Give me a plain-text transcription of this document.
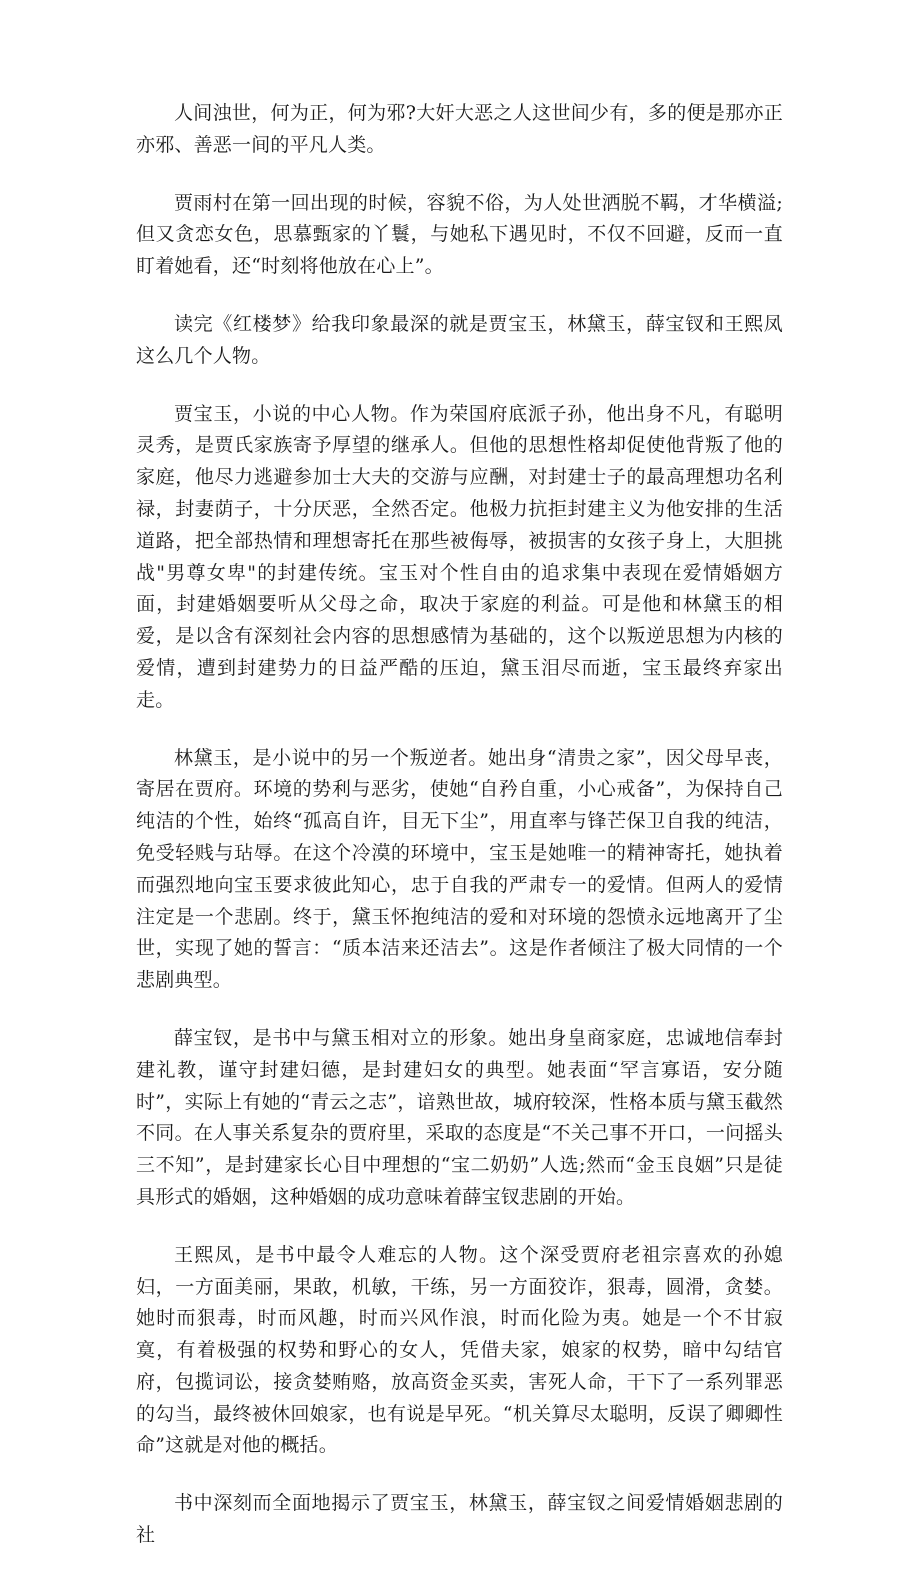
人间浊世，何为正，何为邪?大奸大恶之人这世间少有，多的便是那亦正亦邪、善恶一间的平凡人类。

贾雨村在第一回出现的时候，容貌不俗，为人处世洒脱不羁，才华横溢;但又贪恋女色，思慕甄家的丫鬟，与她私下遇见时，不仅不回避，反而一直盯着她看，还“时刻将他放在心上”。

读完《红楼梦》给我印象最深的就是贾宝玉，林黛玉，薛宝钗和王熙凤这么几个人物。

贾宝玉，小说的中心人物。作为荣国府底派子孙，他出身不凡，有聪明灵秀，是贾氏家族寄予厚望的继承人。但他的思想性格却促使他背叛了他的家庭，他尽力逃避参加士大夫的交游与应酬，对封建士子的最高理想功名利禄，封妻荫子，十分厌恶，全然否定。他极力抗拒封建主义为他安排的生活道路，把全部热情和理想寄托在那些被侮辱，被损害的女孩子身上，大胆挑战"男尊女卑"的封建传统。宝玉对个性自由的追求集中表现在爱情婚姻方面，封建婚姻要听从父母之命，取决于家庭的利益。可是他和林黛玉的相爱，是以含有深刻社会内容的思想感情为基础的，这个以叛逆思想为内核的爱情，遭到封建势力的日益严酷的压迫，黛玉泪尽而逝，宝玉最终弃家出走。

林黛玉，是小说中的另一个叛逆者。她出身“清贵之家”，因父母早丧，寄居在贾府。环境的势利与恶劣，使她“自矜自重，小心戒备”，为保持自己纯洁的个性，始终“孤高自许，目无下尘”，用直率与锋芒保卫自我的纯洁，免受轻贱与玷辱。在这个冷漠的环境中，宝玉是她唯一的精神寄托，她执着而强烈地向宝玉要求彼此知心，忠于自我的严肃专一的爱情。但两人的爱情注定是一个悲剧。终于，黛玉怀抱纯洁的爱和对环境的怨愤永远地离开了尘世，实现了她的誓言：“质本洁来还洁去”。这是作者倾注了极大同情的一个悲剧典型。

薛宝钗，是书中与黛玉相对立的形象。她出身皇商家庭，忠诚地信奉封建礼教，谨守封建妇德，是封建妇女的典型。她表面“罕言寡语，安分随时”，实际上有她的“青云之志”，谙熟世故，城府较深，性格本质与黛玉截然不同。在人事关系复杂的贾府里，采取的态度是“不关己事不开口，一问摇头三不知”，是封建家长心目中理想的“宝二奶奶”人选;然而“金玉良姻”只是徒具形式的婚姻，这种婚姻的成功意味着薛宝钗悲剧的开始。

王熙凤，是书中最令人难忘的人物。这个深受贾府老祖宗喜欢的孙媳妇，一方面美丽，果敢，机敏，干练，另一方面狡诈，狠毒，圆滑，贪婪。她时而狠毒，时而风趣，时而兴风作浪，时而化险为夷。她是一个不甘寂寞，有着极强的权势和野心的女人，凭借夫家，娘家的权势，暗中勾结官府，包揽词讼，接贪婪贿赂，放高资金买卖，害死人命，干下了一系列罪恶的勾当，最终被休回娘家，也有说是早死。“机关算尽太聪明，反误了卿卿性命”这就是对他的概括。

书中深刻而全面地揭示了贾宝玉，林黛玉，薛宝钗之间爱情婚姻悲剧的社
